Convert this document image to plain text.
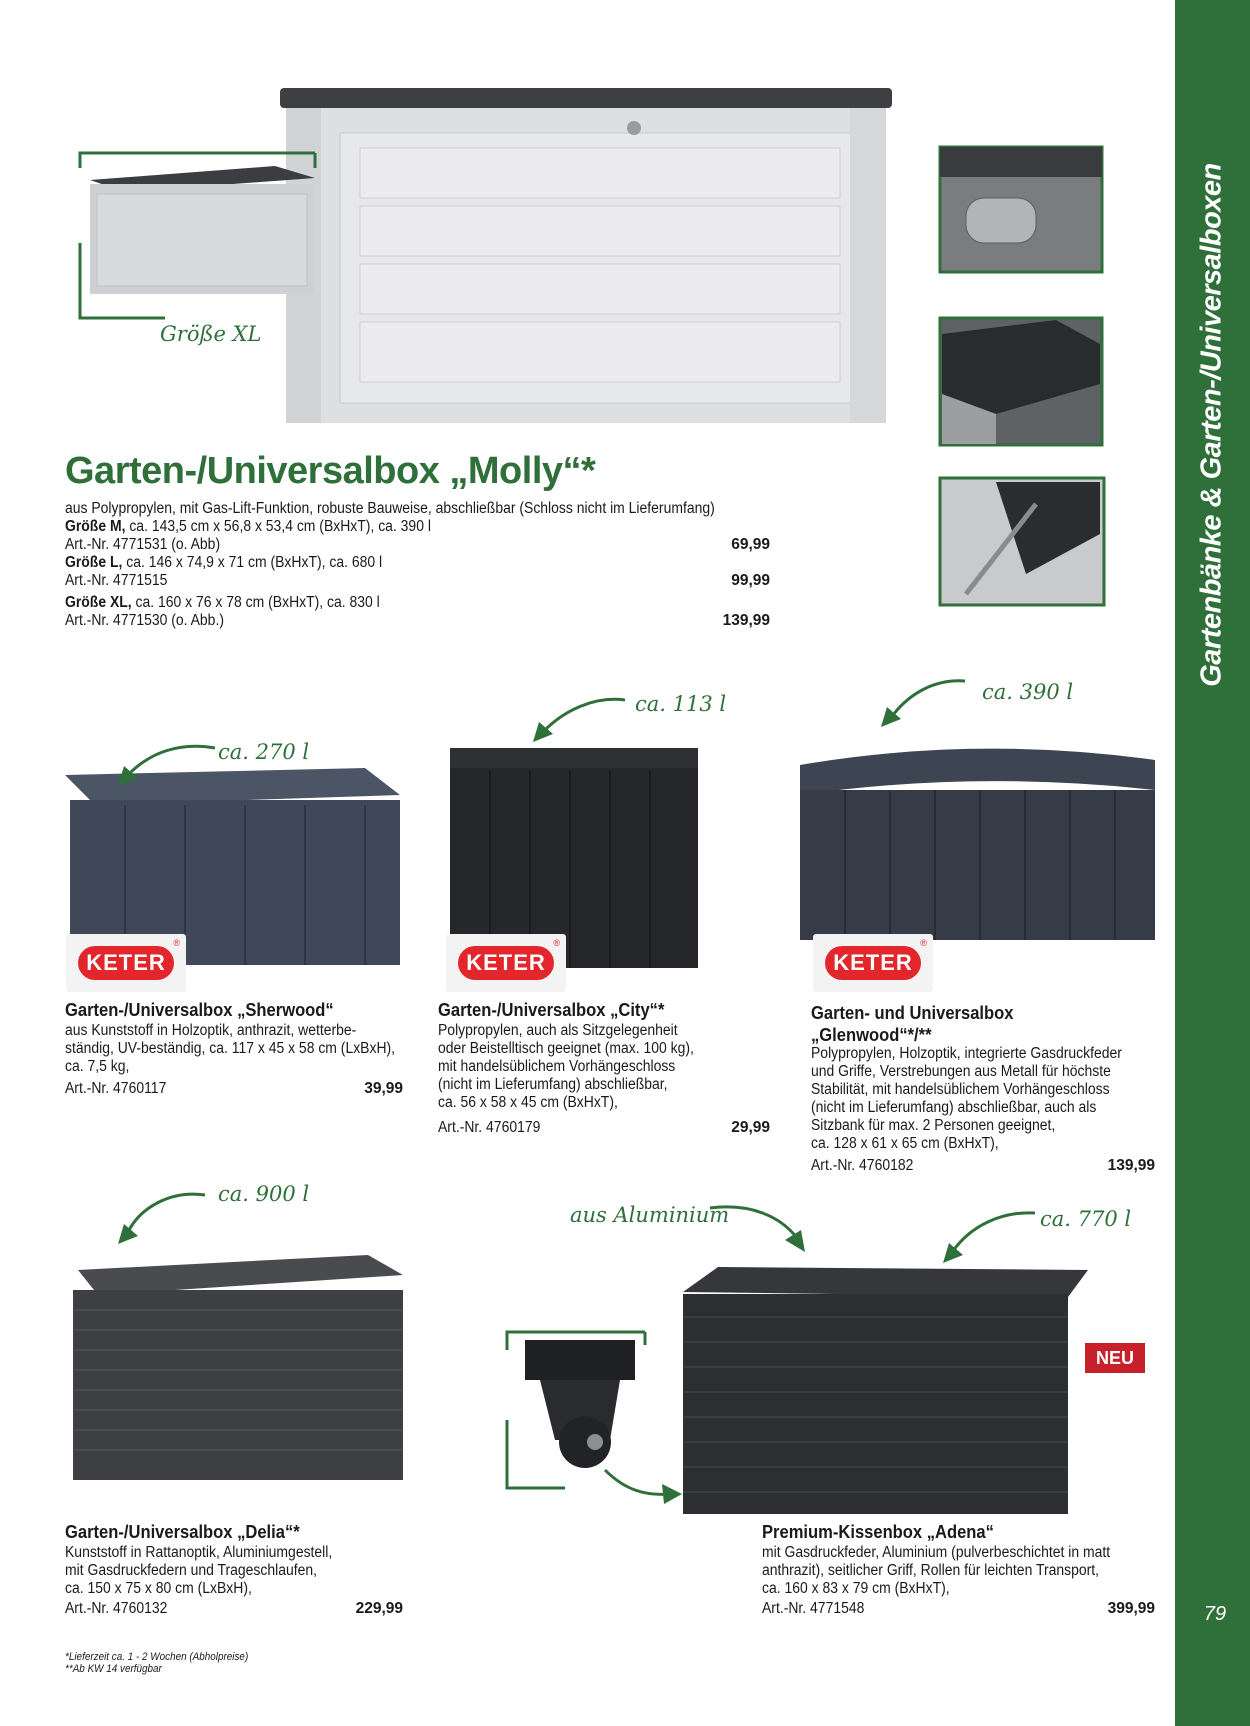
Gartenbänke & Garten-/Universalboxen
79
Größe XL
Garten-/Universalbox „Molly“*
aus Polypropylen, mit Gas-Lift-Funktion, robuste Bauweise, abschließbar (Schloss nicht im Lieferumfang)
Größe M, ca. 143,5 cm x 56,8 x 53,4 cm (BxHxT), ca. 390 l
Art.-Nr. 4771531 (o. Abb)	69,99
Größe L, ca. 146 x 74,9 x 71 cm (BxHxT), ca. 680 l
Art.-Nr. 4771515	99,99
Größe XL, ca. 160 x 76 x 78 cm (BxHxT), ca. 830 l
Art.-Nr. 4771530 (o. Abb.)	139,99
ca. 270 l
KETER
®
ca. 113 l
KETER
®
ca. 390 l
KETER
®
Garten-/Universalbox „Sherwood“
aus Kunststoff in Holzoptik, anthrazit, wetterbe-
ständig, UV-beständig, ca. 117 x 45 x 58 cm (LxBxH),
ca. 7,5 kg,
Art.-Nr. 4760117	39,99
Garten-/Universalbox „City“*
Polypropylen, auch als Sitzgelegenheit
oder Beistelltisch geeignet (max. 100 kg),
mit handelsüblichem Vorhängeschloss
(nicht im Lieferumfang) abschließbar,
ca. 56 x 58 x 45 cm (BxHxT),
Art.-Nr. 4760179	29,99
Garten- und Universalbox
„Glenwood“*/**
Polypropylen, Holzoptik, integrierte Gasdruckfeder
und Griffe, Verstrebungen aus Metall für höchste
Stabilität, mit handelsüblichem Vorhängeschloss
(nicht im Lieferumfang) abschließbar, auch als
Sitzbank für max. 2 Personen geeignet,
ca. 128 x 61 x 65 cm (BxHxT),
Art.-Nr. 4760182	139,99
ca. 900 l
NEU
aus Aluminium	ca. 770 l
Garten-/Universalbox „Delia“*
Kunststoff in Rattanoptik, Aluminiumgestell,
mit Gasdruckfedern und Trageschlaufen,
ca. 150 x 75 x 80 cm (LxBxH),
Art.-Nr. 4760132	229,99
Premium-Kissenbox „Adena“
mit Gasdruckfeder, Aluminium (pulverbeschichtet in matt
anthrazit), seitlicher Griff, Rollen für leichten Transport,
ca. 160 x 83 x 79 cm (BxHxT),
Art.-Nr. 4771548	399,99
*Lieferzeit ca. 1 - 2 Wochen (Abholpreise)
**Ab KW 14 verfügbar
